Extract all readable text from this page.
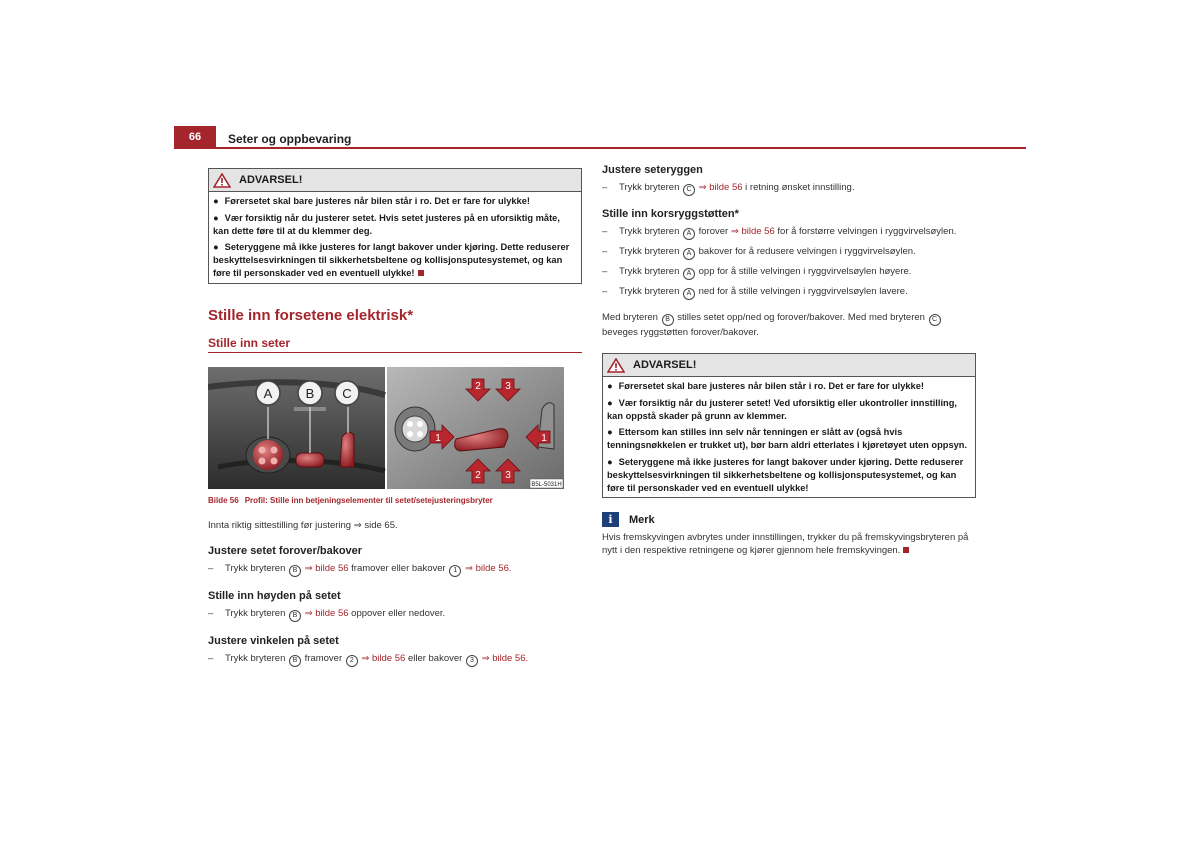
66 Seter og oppbevaring
ADVARSEL!
● Førersetet skal bare justeres når bilen står i ro. Det er fare for ulykke!
● Vær forsiktig når du justerer setet. Hvis setet justeres på en uforsiktig måte, kan dette føre til at du klemmer deg.
● Seteryggene må ikke justeres for langt bakover under kjøring. Dette reduserer beskyttelsesvirkningen til sikkerhetsbeltene og kollisjonsputesystemet, og kan føre til personskader ved en eventuell ulykke!
Stille inn forsetene elektrisk*
Stille inn seter
A	B C	2 3
2 3
1	1
B5L-5031H
Bilde 56 Profil: Stille inn betjeningselementer til setet/setejusteringsbryter
Innta riktig sittestilling før justering ⇒ side 65.
Justere setet forover/bakover
–	Trykk bryteren B ⇒ bilde 56 framover eller bakover 1 ⇒ bilde 56.
Stille inn høyden på setet
–	Trykk bryteren B ⇒ bilde 56 oppover eller nedover.
Justere vinkelen på setet
–	Trykk bryteren B framover 2 ⇒ bilde 56 eller bakover 3 ⇒ bilde 56.
Justere seteryggen
–	Trykk bryteren C ⇒ bilde 56 i retning ønsket innstilling.
Stille inn korsryggstøtten*
–	Trykk bryteren A forover ⇒ bilde 56 for å forstørre velvingen i ryggvirvelsøylen.
–	Trykk bryteren A bakover for å redusere velvingen i ryggvirvelsøylen.
–	Trykk bryteren A opp for å stille velvingen i ryggvirvelsøylen høyere.
–	Trykk bryteren A ned for å stille velvingen i ryggvirvelsøylen lavere.
Med bryteren B stilles setet opp/ned og forover/bakover. Med med bryteren C beveges ryggstøtten forover/bakover.
ADVARSEL!
● Førersetet skal bare justeres når bilen står i ro. Det er fare for ulykke!
● Vær forsiktig når du justerer setet! Ved uforsiktig eller ukontroller innstilling, kan oppstå skader på grunn av klemmer.
● Ettersom kan stilles inn selv når tenningen er slått av (også hvis tenningsnøkkelen er trukket ut), bør barn aldri etterlates i kjøretøyet uten oppsyn.
● Seteryggene må ikke justeres for langt bakover under kjøring. Dette reduserer beskyttelsesvirkningen til sikkerhetsbeltene og kollisjonsputesystemet, og kan føre til personskader ved en eventuell ulykke!
i	Merk
Hvis fremskyvingen avbrytes under innstillingen, trykker du på fremskyvingsbryteren på nytt i den respektive retningene og kjører gjennom hele fremskyvingen.
